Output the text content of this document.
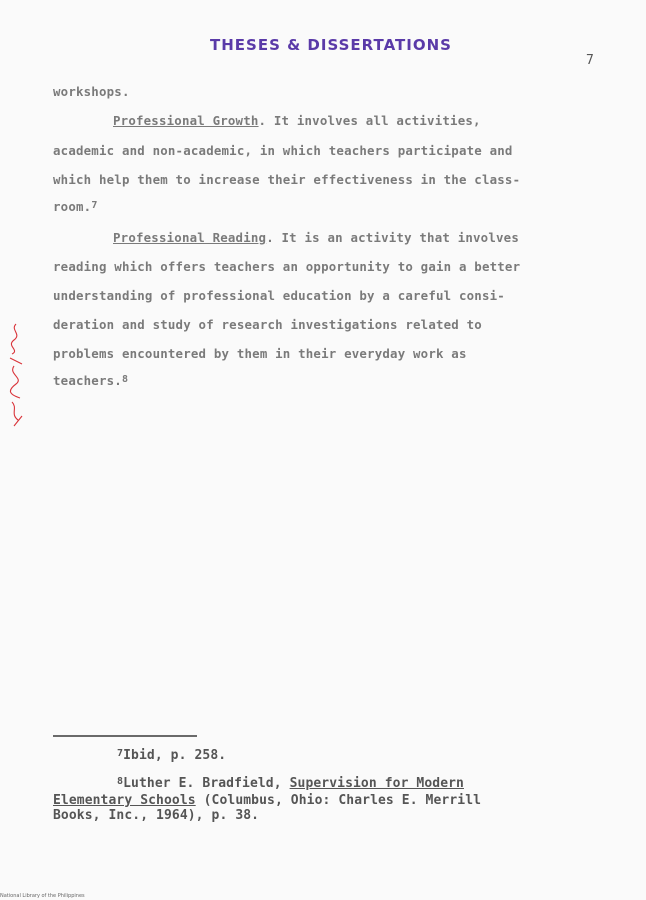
THESES & DISSERTATIONS
7
workshops.
Professional Growth. It involves all activities,
academic and non-academic, in which teachers participate and
which help them to increase their effectiveness in the class-
room.$^7$
Professional Reading. It is an activity that involves
reading which offers teachers an opportunity to gain a better
understanding of professional education by a careful consi-
deration and study of research investigations related to
problems encountered by them in their everyday work as
teachers.$^8$
$^7$Ibid, p. 258.
$^8$Luther E. Bradfield, Supervision for Modern
Elementary Schools (Columbus, Ohio: Charles E. Merrill
Books, Inc., 1964), p. 38.
National Library of the Philippines
